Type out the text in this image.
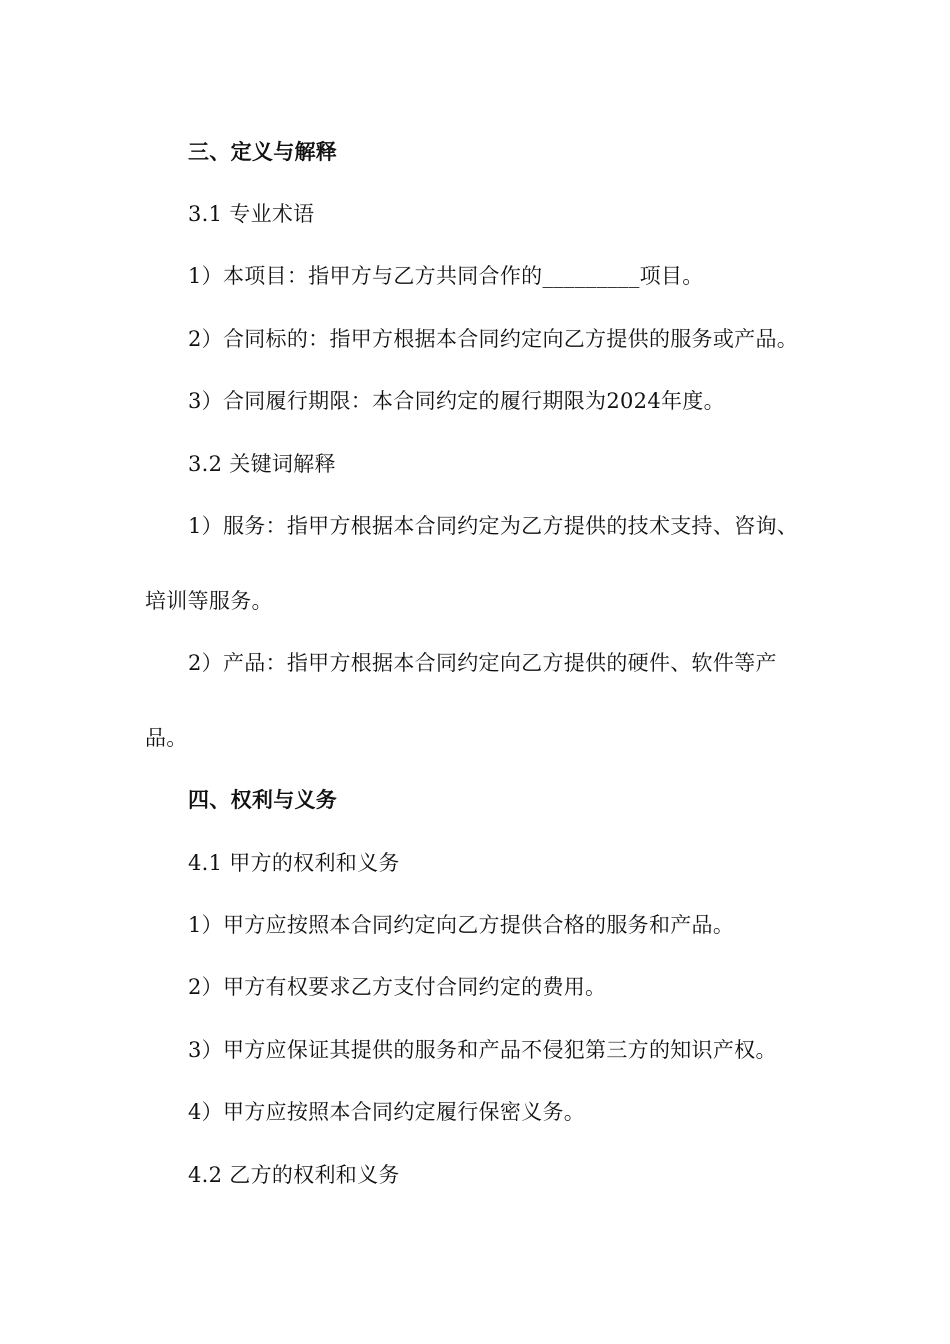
三、定义与解释
3.1 专业术语
1）本项目：指甲方与乙方共同合作的_________项目。
2）合同标的：指甲方根据本合同约定向乙方提供的服务或产品。
3）合同履行期限：本合同约定的履行期限为2024年度。
3.2 关键词解释
1）服务：指甲方根据本合同约定为乙方提供的技术支持、咨询、
培训等服务。
2）产品：指甲方根据本合同约定向乙方提供的硬件、软件等产
品。
四、权利与义务
4.1 甲方的权利和义务
1）甲方应按照本合同约定向乙方提供合格的服务和产品。
2）甲方有权要求乙方支付合同约定的费用。
3）甲方应保证其提供的服务和产品不侵犯第三方的知识产权。
4）甲方应按照本合同约定履行保密义务。
4.2 乙方的权利和义务
